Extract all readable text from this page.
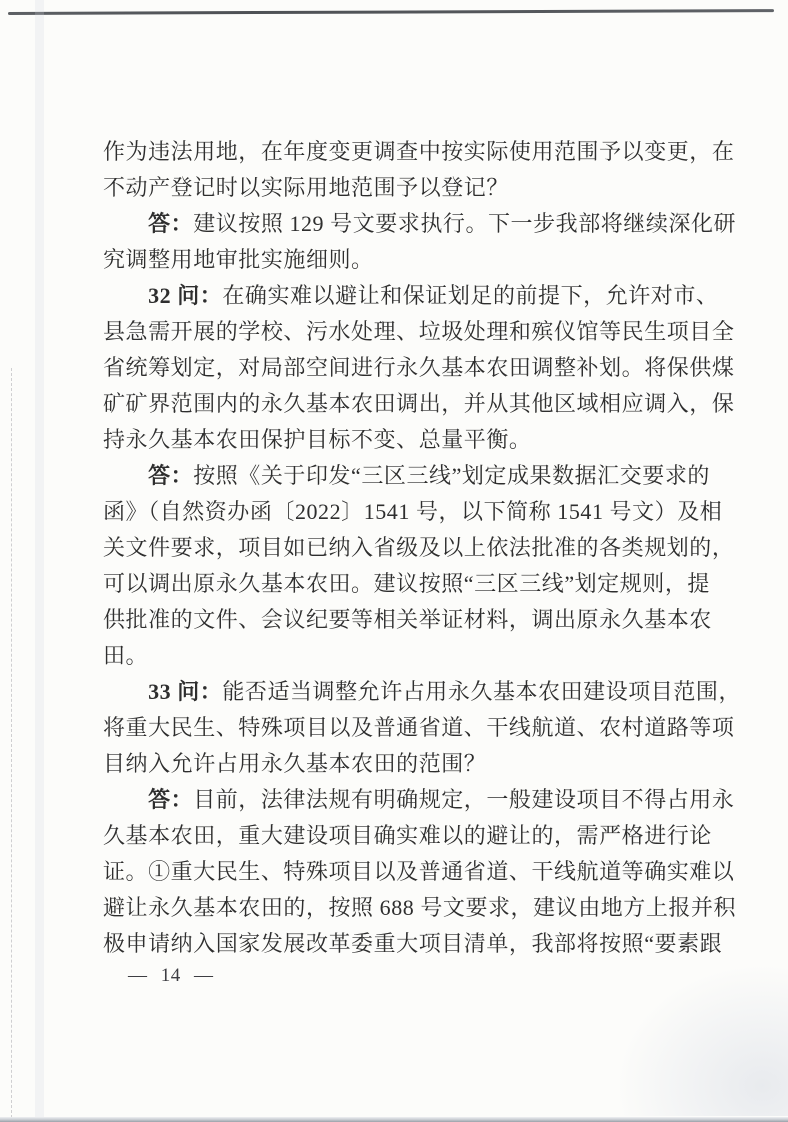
作为违法用地，在年度变更调查中按实际使用范围予以变更，在
不动产登记时以实际用地范围予以登记？
　　答：建议按照 129 号文要求执行。下一步我部将继续深化研
究调整用地审批实施细则。
　　32 问：在确实难以避让和保证划足的前提下，允许对市、
县急需开展的学校、污水处理、垃圾处理和殡仪馆等民生项目全
省统筹划定，对局部空间进行永久基本农田调整补划。将保供煤
矿矿界范围内的永久基本农田调出，并从其他区域相应调入，保
持永久基本农田保护目标不变、总量平衡。
　　答：按照《关于印发“三区三线”划定成果数据汇交要求的
函》（自然资办函〔2022〕1541 号，以下简称 1541 号文）及相
关文件要求，项目如已纳入省级及以上依法批准的各类规划的，
可以调出原永久基本农田。建议按照“三区三线”划定规则，提
供批准的文件、会议纪要等相关举证材料，调出原永久基本农
田。
　　33 问：能否适当调整允许占用永久基本农田建设项目范围，
将重大民生、特殊项目以及普通省道、干线航道、农村道路等项
目纳入允许占用永久基本农田的范围？
　　答：目前，法律法规有明确规定，一般建设项目不得占用永
久基本农田，重大建设项目确实难以的避让的，需严格进行论
证。①重大民生、特殊项目以及普通省道、干线航道等确实难以
避让永久基本农田的，按照 688 号文要求，建议由地方上报并积
极申请纳入国家发展改革委重大项目清单，我部将按照“要素跟
— 14 —
